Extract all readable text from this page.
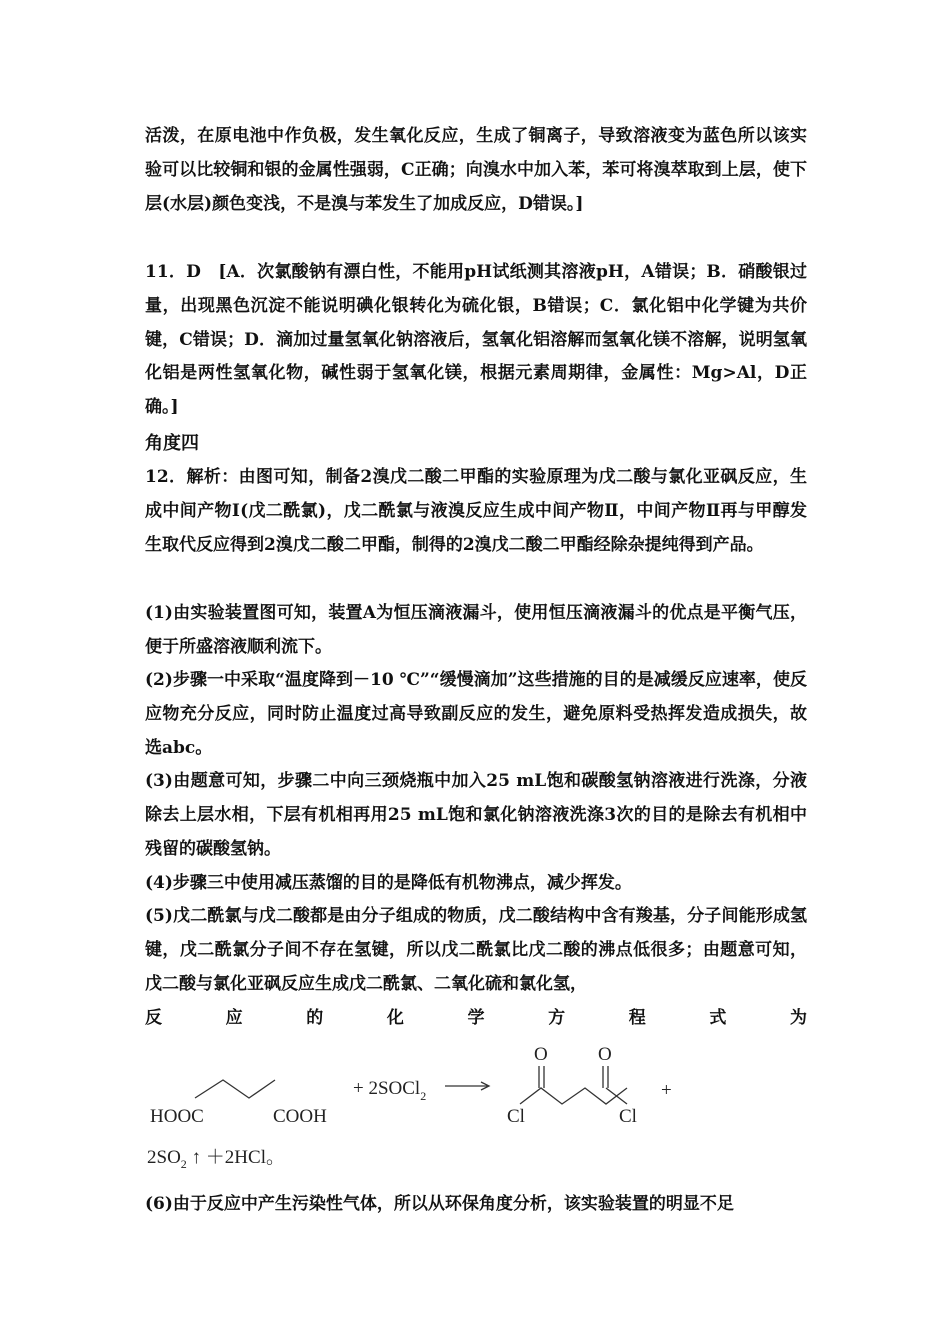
活泼，在原电池中作负极，发生氧化反应，生成了铜离子，导致溶液变为蓝色所以该实验可以比较铜和银的金属性强弱，C正确；向溴水中加入苯，苯可将溴萃取到上层，使下层(水层)颜色变浅，不是溴与苯发生了加成反应，D错误。]

11．D　[A．次氯酸钠有漂白性，不能用pH试纸测其溶液pH，A错误；B．硝酸银过量，出现黑色沉淀不能说明碘化银转化为硫化银，B错误；C．氯化铝中化学键为共价键，C错误；D．滴加过量氢氧化钠溶液后，氢氧化铝溶解而氢氧化镁不溶解，说明氢氧化铝是两性氢氧化物，碱性弱于氢氧化镁，根据元素周期律，金属性：Mg>Al，D正确。]

角度四

12．解析：由图可知，制备2溴戊二酸二甲酯的实验原理为戊二酸与氯化亚砜反应，生成中间产物Ⅰ(戊二酰氯)，戊二酰氯与液溴反应生成中间产物Ⅱ，中间产物Ⅱ再与甲醇发生取代反应得到2溴戊二酸二甲酯，制得的2溴戊二酸二甲酯经除杂提纯得到产品。

(1)由实验装置图可知，装置A为恒压滴液漏斗，使用恒压滴液漏斗的优点是平衡气压，便于所盛溶液顺利流下。

(2)步骤一中采取“温度降到－10 ℃”“缓慢滴加”这些措施的目的是减缓反应速率，使反应物充分反应，同时防止温度过高导致副反应的发生，避免原料受热挥发造成损失，故选abc。

(3)由题意可知，步骤二中向三颈烧瓶中加入25 mL饱和碳酸氢钠溶液进行洗涤，分液除去上层水相，下层有机相再用25 mL饱和氯化钠溶液洗涤3次的目的是除去有机相中残留的碳酸氢钠。

(4)步骤三中使用减压蒸馏的目的是降低有机物沸点，减少挥发。

(5)戊二酰氯与戊二酸都是由分子组成的物质，戊二酸结构中含有羧基，分子间能形成氢键，戊二酰氯分子间不存在氢键，所以戊二酰氯比戊二酸的沸点低很多；由题意可知，戊二酸与氯化亚砜反应生成戊二酰氯、二氧化硫和氯化氢，

反	应	的	化	学	方	程	式	为
HOOC	COOH
+ 2SOCl$_2$
O	O
Cl	Cl
+
$2SO_2$ ↑ ＋2HCl。

(6)由于反应中产生污染性气体，所以从环保角度分析，该实验装置的明显不足
